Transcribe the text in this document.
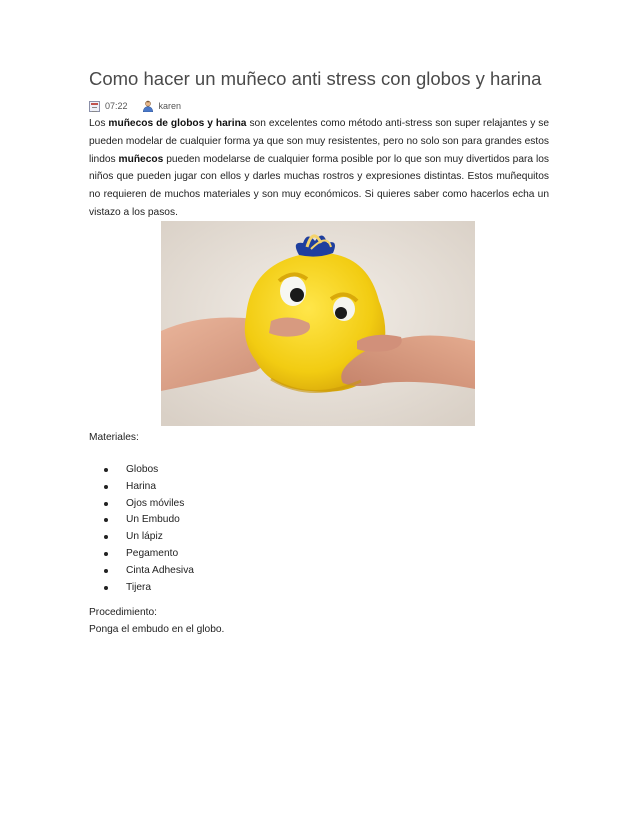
Como hacer un muñeco anti stress con globos y harina
07:22	karen

Los muñecos de globos y harina son excelentes como método anti-stress son super relajantes y se pueden modelar de cualquier forma ya que son muy resistentes, pero no solo son para grandes estos lindos muñecos pueden modelarse de cualquier forma posible por lo que son muy divertidos para los niños que pueden jugar con ellos y darles muchas rostros y expresiones distintas. Estos muñequitos no requieren de muchos materiales y son muy económicos. Si quieres saber como hacerlos echa un vistazo a los pasos.

Materiales:

Globos
Harina
Ojos móviles
Un Embudo
Un lápiz
Pegamento
Cinta Adhesiva
Tijera

Procedimiento:

Ponga el embudo en el globo.
